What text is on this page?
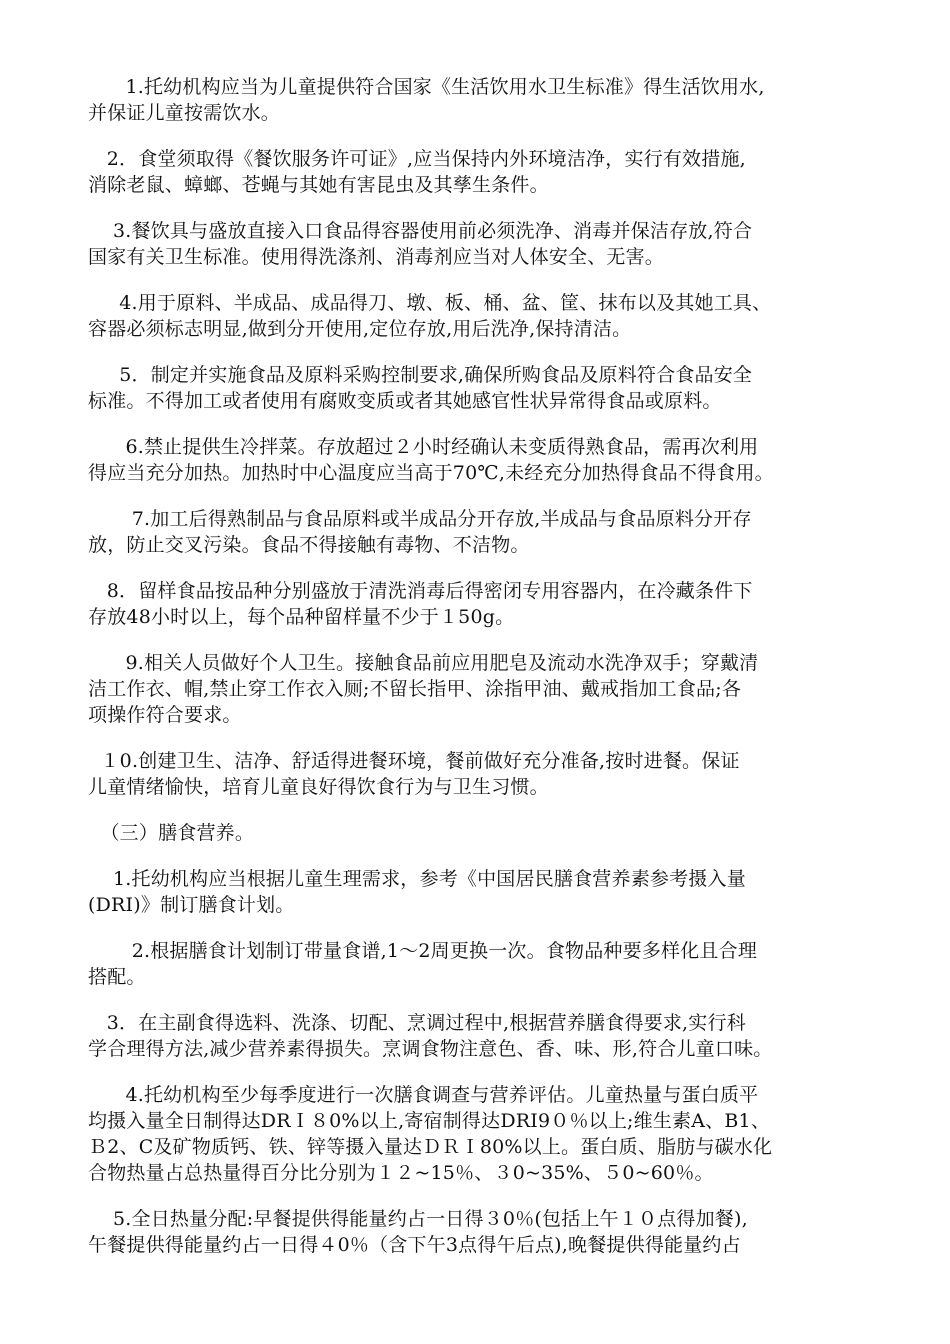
1.托幼机构应当为儿童提供符合国家《生活饮用水卫生标准》得生活饮用水,
并保证儿童按需饮水。
2．食堂须取得《餐饮服务许可证》,应当保持内外环境洁净，实行有效措施,
消除老鼠、蟑螂、苍蝇与其她有害昆虫及其孳生条件。
3.餐饮具与盛放直接入口食品得容器使用前必须洗净、消毒并保洁存放,符合
国家有关卫生标准。使用得洗涤剂、消毒剂应当对人体安全、无害。
4.用于原料、半成品、成品得刀、墩、板、桶、盆、筐、抹布以及其她工具、
容器必须标志明显,做到分开使用,定位存放,用后洗净,保持清洁。
5．制定并实施食品及原料采购控制要求,确保所购食品及原料符合食品安全
标准。不得加工或者使用有腐败变质或者其她感官性状异常得食品或原料。
6.禁止提供生冷拌菜。存放超过２小时经确认未变质得熟食品，需再次利用
得应当充分加热。加热时中心温度应当高于70℃,未经充分加热得食品不得食用。
7.加工后得熟制品与食品原料或半成品分开存放,半成品与食品原料分开存
放，防止交叉污染。食品不得接触有毒物、不洁物。
8．留样食品按品种分别盛放于清洗消毒后得密闭专用容器内，在冷藏条件下
存放48小时以上，每个品种留样量不少于１50g。
9.相关人员做好个人卫生。接触食品前应用肥皂及流动水洗净双手；穿戴清
洁工作衣、帽,禁止穿工作衣入厕;不留长指甲、涂指甲油、戴戒指加工食品;各
项操作符合要求。
１0.创建卫生、洁净、舒适得进餐环境，餐前做好充分准备,按时进餐。保证
儿童情绪愉快，培育儿童良好得饮食行为与卫生习惯。
（三）膳食营养。
1.托幼机构应当根据儿童生理需求，参考《中国居民膳食营养素参考摄入量
(DRI)》制订膳食计划。
2.根据膳食计划制订带量食谱,1～2周更换一次。食物品种要多样化且合理
搭配。
3．在主副食得选料、洗涤、切配、烹调过程中,根据营养膳食得要求,实行科
学合理得方法,减少营养素得损失。烹调食物注意色、香、味、形,符合儿童口味。
4.托幼机构至少每季度进行一次膳食调查与营养评估。儿童热量与蛋白质平
均摄入量全日制得达DRＩ８0%以上,寄宿制得达DRI9０％以上;维生素A、B1、
Ｂ2、C及矿物质钙、铁、锌等摄入量达ＤＲＩ80%以上。蛋白质、脂肪与碳水化
合物热量占总热量得百分比分别为１２~15％、３0~35%、５0~60％。
5.全日热量分配:早餐提供得能量约占一日得３0％(包括上午１０点得加餐),
午餐提供得能量约占一日得４0％（含下午3点得午后点),晚餐提供得能量约占
